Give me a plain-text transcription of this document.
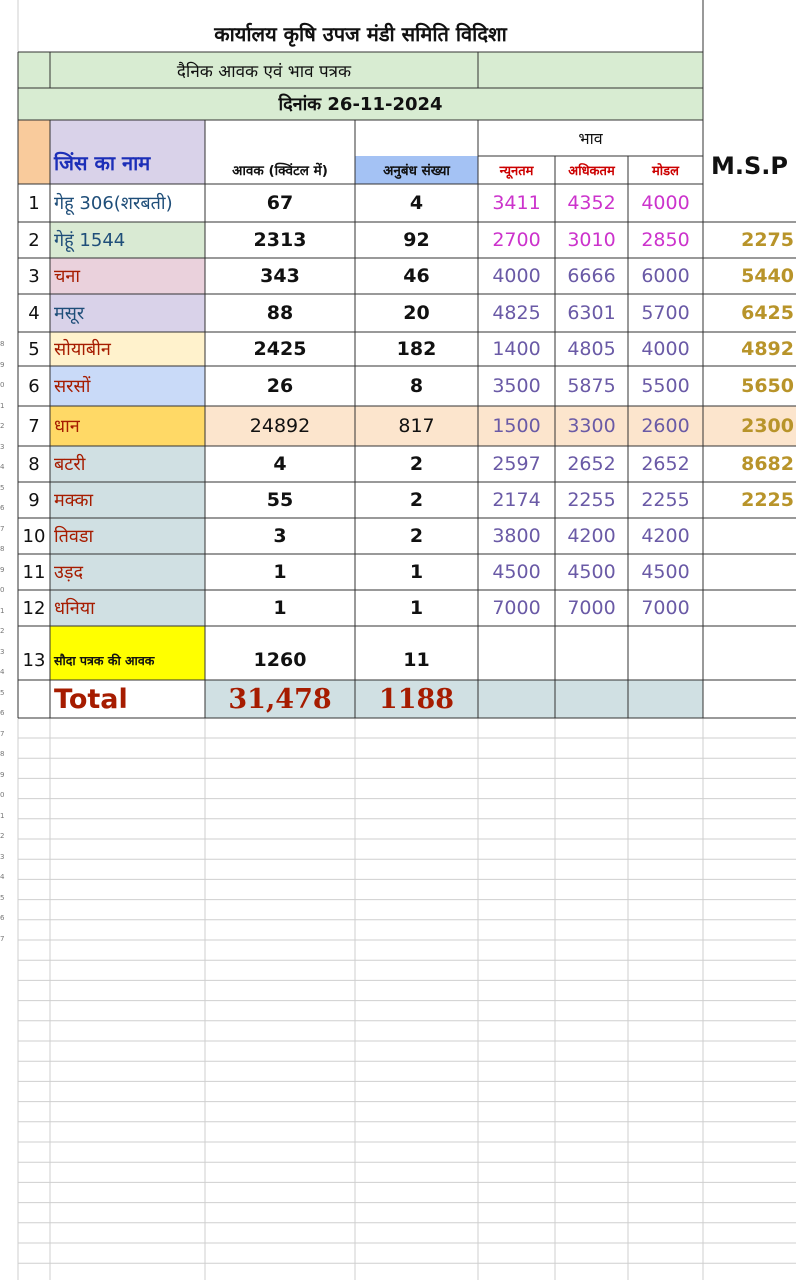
कार्यालय कृषि उपज मंडी समिति विदिशा
दैनिक आवक एवं भाव पत्रक
दिनांक 26-11-2024
जिंस का नाम	आवक (क्विंटल में)	अनुबंध संख्या
भाव
न्यूनतम	अधिकतम	मोडल	M.S.P
1 गेहू 306(शरबती)	67	4	3411	4352	4000
2 गेहूं 1544	2313	92	2700	3010	2850	2275
3 चना	343	46	4000	6666	6000	5440
4 मसूर	88	20	4825	6301	5700	6425
5 सोयाबीन	2425	182	1400	4805	4000	4892
6 सरसों	26	8	3500	5875	5500	5650
7 धान	24892	817	1500	3300	2600	2300
8 बटरी	4	2	2597	2652	2652	8682
9 मक्का	55	2	2174	2255	2255	2225
10 तिवडा	3	2	3800	4200	4200
11 उड़द	1	1	4500	4500	4500
12 धनिया	1	1	7000	7000	7000
13 सौदा पत्रक की आवक	1260	11
Total	31,478	1188
8
9
0
1
2
3
4
5
6
7
8
9
0
1
2
3
4
5
6
7
8
9
0
1
2
3
4
5
6
7
